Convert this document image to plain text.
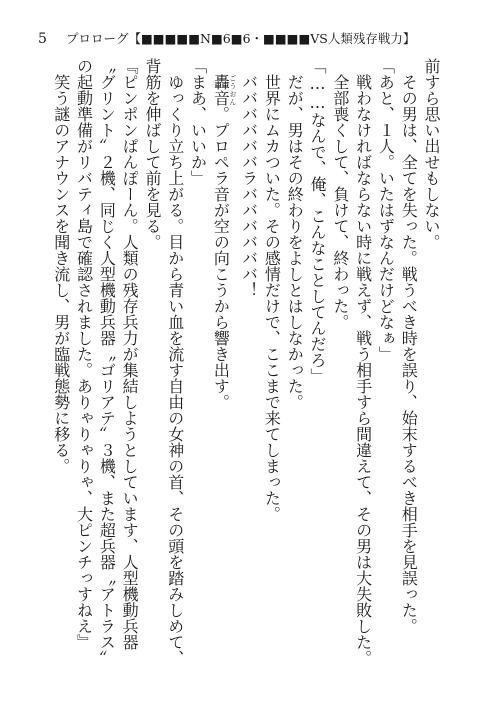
5 プロローグ【■■■■■N■6■6・■■■■VS人類残存戦力】

前すら思い出せもしない。

その男は、全てを失った。戦うべき時を誤り、始末するべき相手を見誤った。

「あと、１人。いたはずなんだけどなぁ」

戦わなければならない時に戦えず、戦う相手すら間違えて、その男は大失敗した。

全部喪くして、負けて、終わった。

「……なんで、俺、こんなことしてんだろ」

だが、男はその終わりをよしとはしなかった。

世界にムカついた。その感情だけで、ここまで来てしまった。

ババババババラババババババ！

轟音ごうおん。プロペラ音が空の向こうから響き出す。

「まあ、いいか」

ゆっくり立ち上がる。目から青い血を流す自由の女神の首、その頭を踏みしめて、背筋を伸ばして前を見る。

『ピンポンぱんぽーん。人類の残存兵力が集結しようとしています、人型機動兵器〝グリント〟２機、同じく人型機動兵器〝ゴリアテ〟３機、また超兵器〝アトラス〟の起動準備がリバティ島で確認されました。ありゃりゃりゃ、大ピンチっすねえ』

笑う謎のアナウンスを聞き流し、男が臨戦態勢に移る。
